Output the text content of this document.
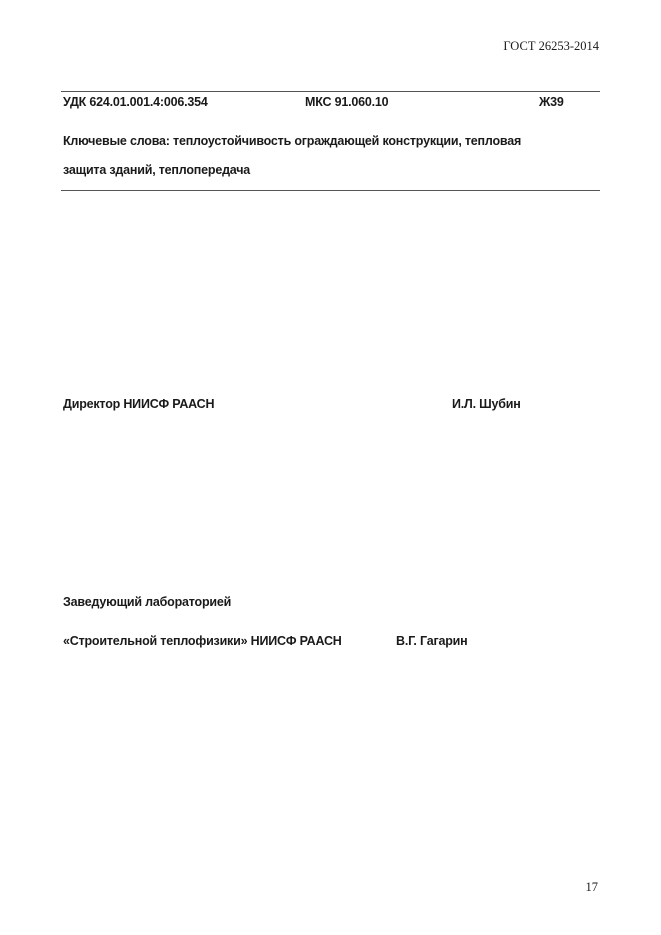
ГОСТ 26253-2014
УДК 624.01.001.4:006.354	МКС 91.060.10	Ж39
Ключевые слова: теплоустойчивость ограждающей конструкции, тепловая
защита зданий, теплопередача
Директор НИИСФ РААСН	И.Л. Шубин
Заведующий лабораторией
«Строительной теплофизики» НИИСФ РААСН	В.Г. Гагарин
17
